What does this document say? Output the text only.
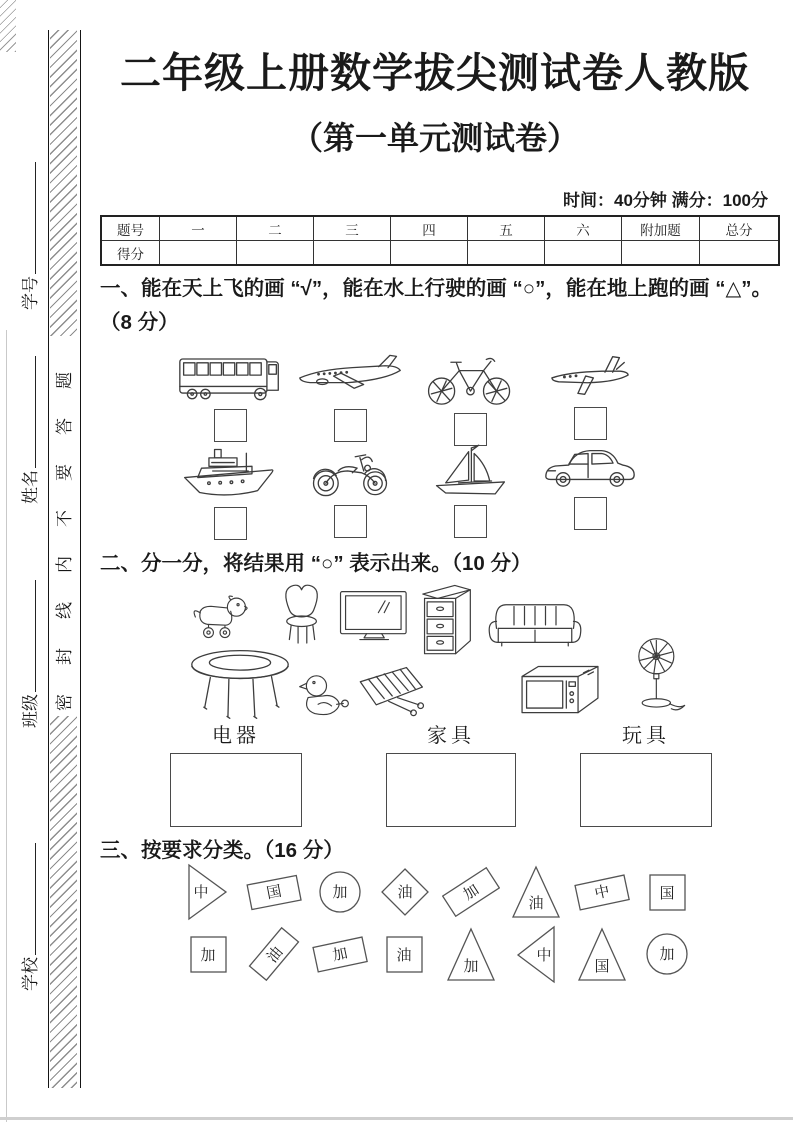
密封线内不要答题
学号
姓名
班级
学校
二年级上册数学拔尖测试卷人教版
（第一单元测试卷）
时间：40分钟 满分：100分
题号	一	二	三	四	五	六	附加题	总分
得分								
一、能在天上飞的画 “√”，能在水上行驶的画 “○”，能在地上跑的画 “△”。（8 分）
二、分一分，将结果用 “○” 表示出来。（10 分）
电器	家具	玩具
三、按要求分类。（16 分）
中	国	加	油	加
油
中	国
加	油	加	油
加
中
国
加
